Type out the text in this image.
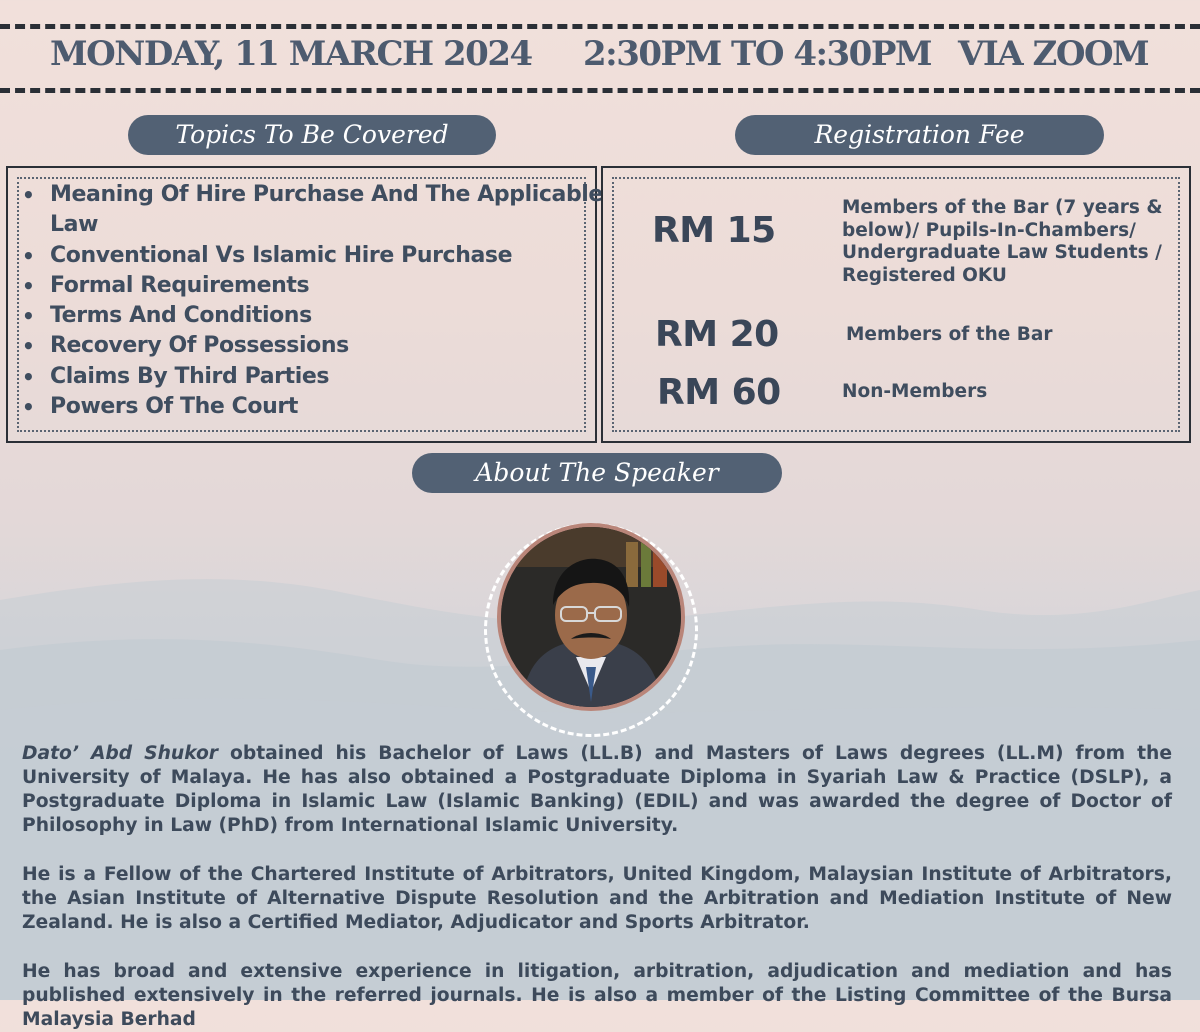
MONDAY, 11 MARCH 2024 2:30PM TO 4:30PM VIA ZOOM
Topics To Be Covered	Registration Fee
• Meaning Of Hire Purchase And The Applicable Law
• Conventional Vs Islamic Hire Purchase
• Formal Requirements
• Terms And Conditions
• Recovery Of Possessions
• Claims By Third Parties
• Powers Of The Court
RM 15
Members of the Bar (7 years & below)/ Pupils-In-Chambers/ Undergraduate Law Students / Registered OKU
RM 20	Members of the Bar
RM 60	Non-Members
About The Speaker

Dato’ Abd Shukor obtained his Bachelor of Laws (LL.B) and Masters of Laws degrees (LL.M) from the University of Malaya. He has also obtained a Postgraduate Diploma in Syariah Law & Practice (DSLP), a Postgraduate Diploma in Islamic Law (Islamic Banking) (EDIL) and was awarded the degree of Doctor of Philosophy in Law (PhD) from International Islamic University.

He is a Fellow of the Chartered Institute of Arbitrators, United Kingdom, Malaysian Institute of Arbitrators, the Asian Institute of Alternative Dispute Resolution and the Arbitration and Mediation Institute of New Zealand. He is also a Certified Mediator, Adjudicator and Sports Arbitrator.

He has broad and extensive experience in litigation, arbitration, adjudication and mediation and has published extensively in the referred journals. He is also a member of the Listing Committee of the Bursa Malaysia Berhad
